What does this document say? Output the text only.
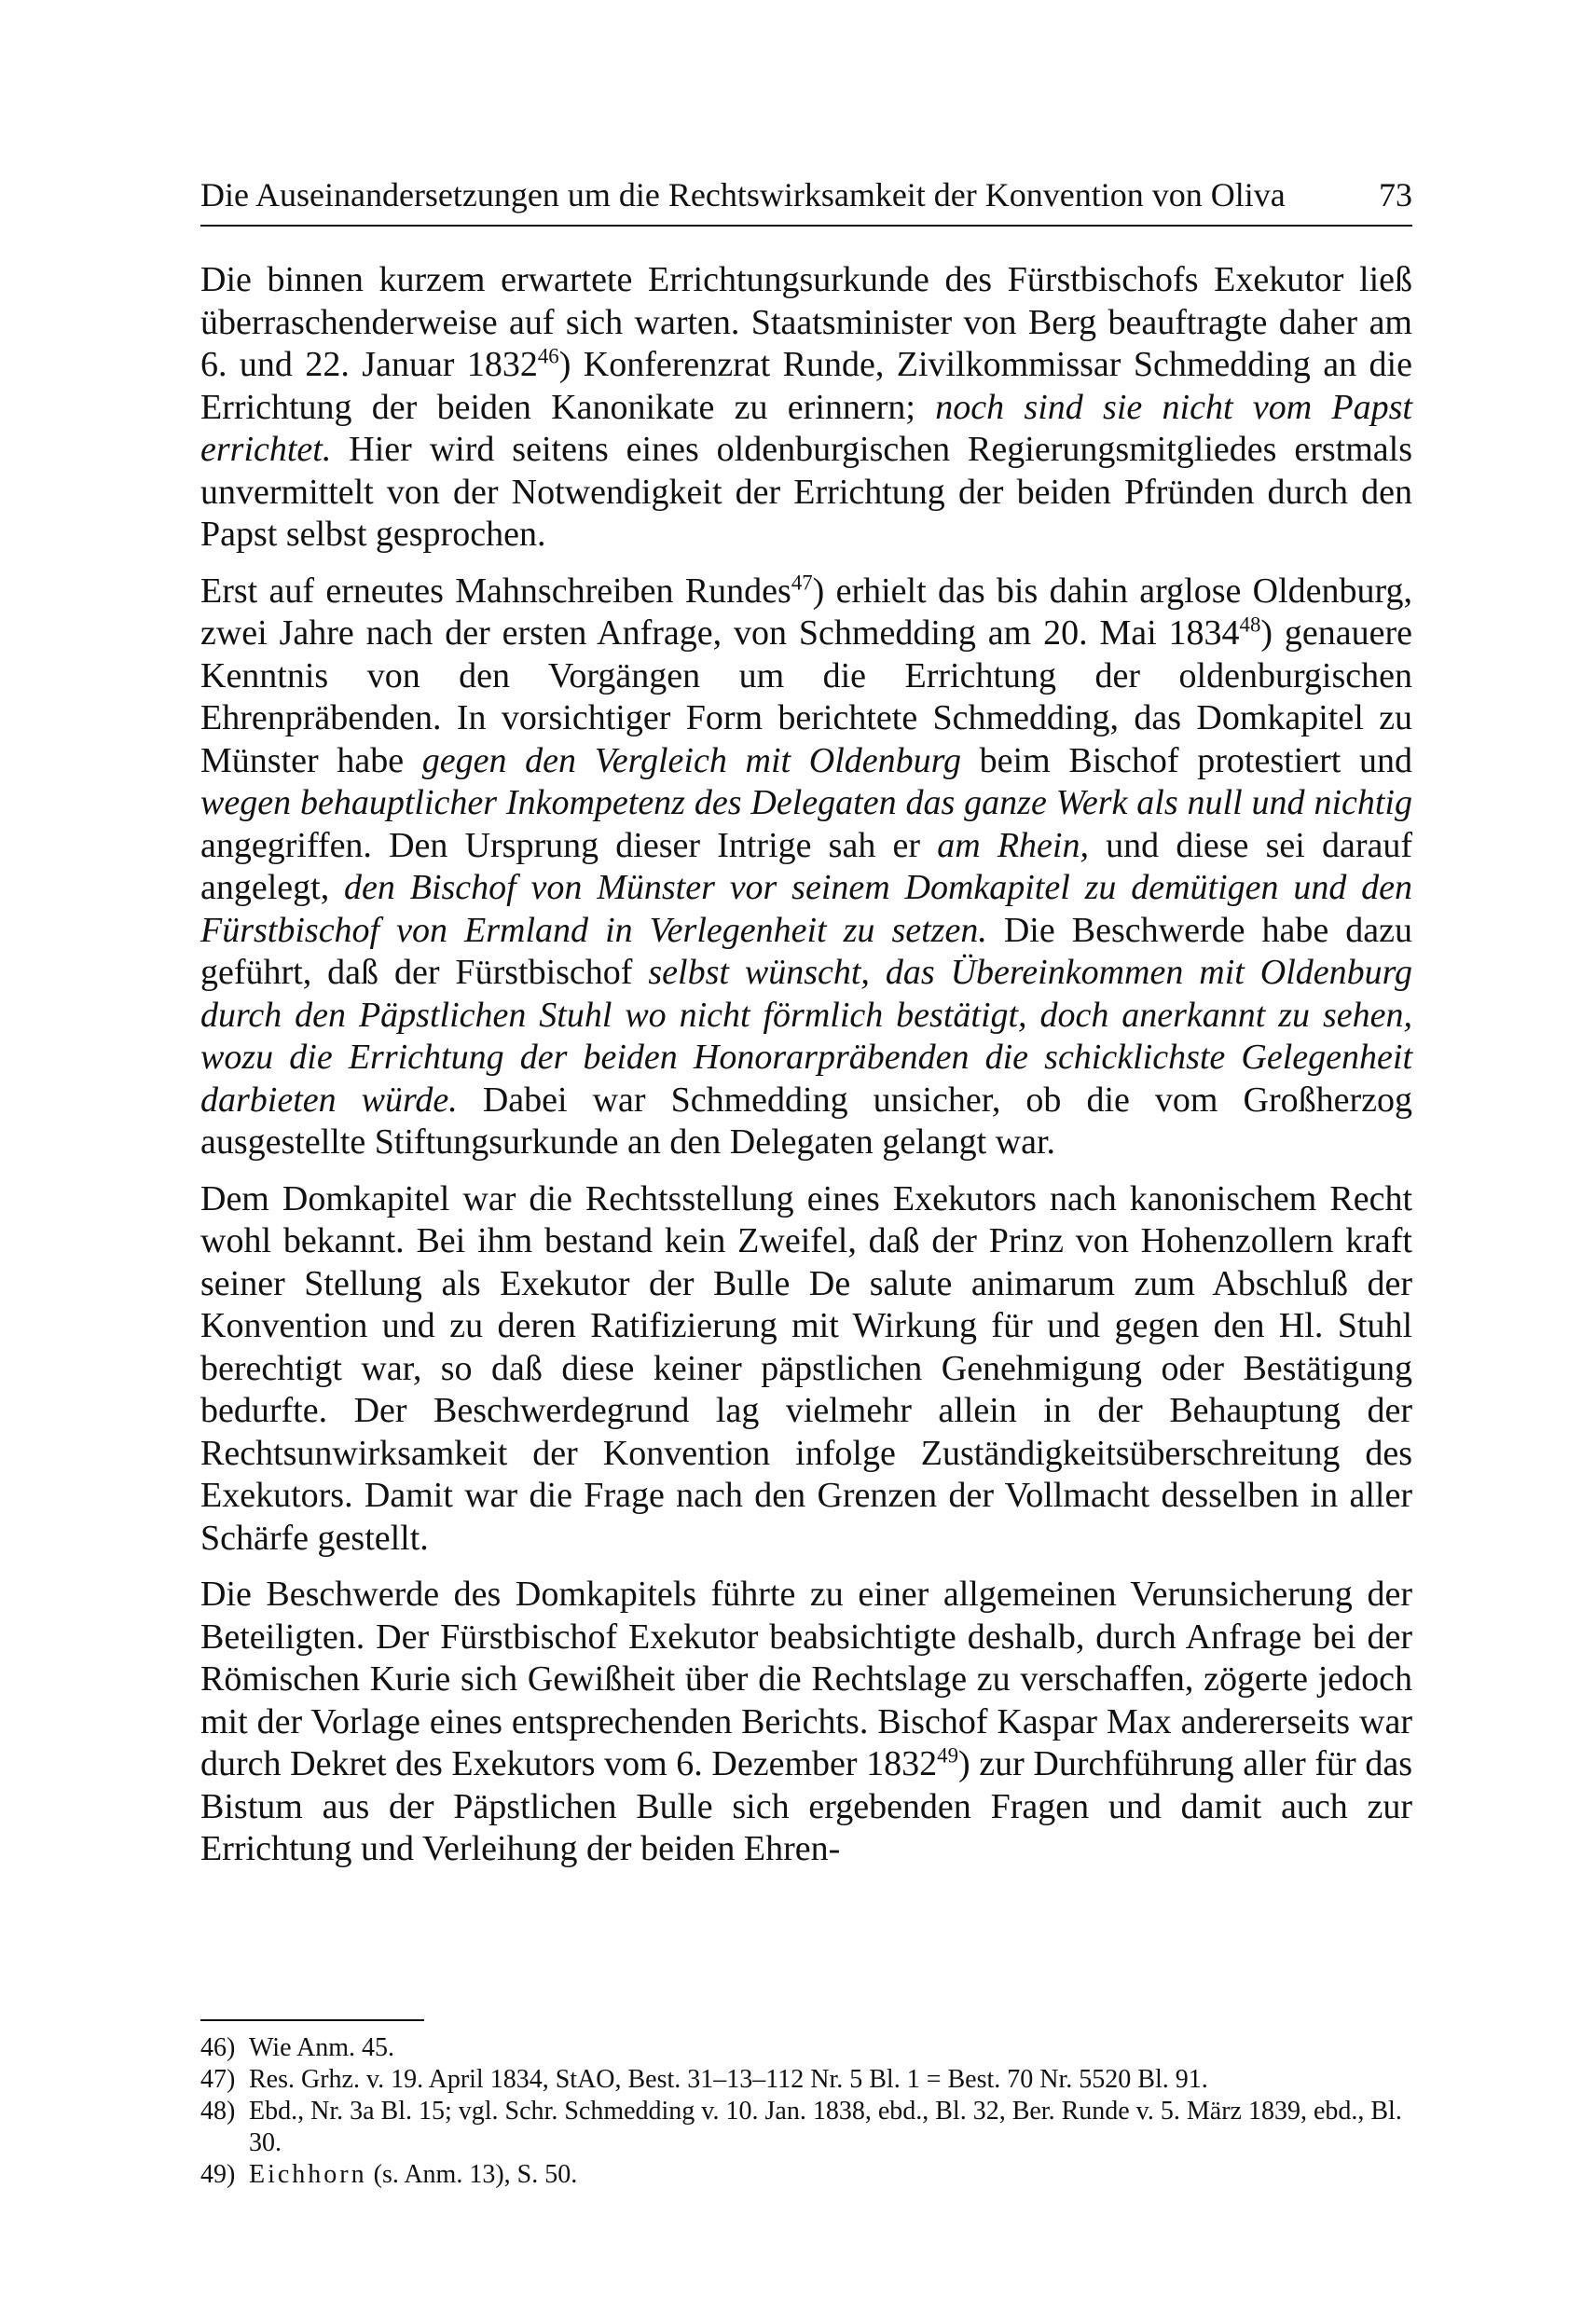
Die Auseinandersetzungen um die Rechtswirksamkeit der Konvention von Oliva	73

Die binnen kurzem erwartete Errichtungsurkunde des Fürstbischofs Exekutor ließ überraschenderweise auf sich warten. Staatsminister von Berg beauftragte daher am 6. und 22. Januar 1832$^{46}$) Konferenzrat Runde, Zivilkommissar Schmedding an die Errichtung der beiden Kanonikate zu erinnern; noch sind sie nicht vom Papst errichtet. Hier wird seitens eines oldenburgischen Regierungsmitgliedes erstmals unvermittelt von der Notwendigkeit der Errichtung der beiden Pfründen durch den Papst selbst gesprochen.

Erst auf erneutes Mahnschreiben Rundes$^{47}$) erhielt das bis dahin arglose Oldenburg, zwei Jahre nach der ersten Anfrage, von Schmedding am 20. Mai 1834$^{48}$) genauere Kenntnis von den Vorgängen um die Errichtung der oldenburgischen Ehrenpräbenden. In vorsichtiger Form berichtete Schmedding, das Domkapitel zu Münster habe gegen den Vergleich mit Oldenburg beim Bischof protestiert und wegen behauptlicher Inkompetenz des Delegaten das ganze Werk als null und nichtig angegriffen. Den Ursprung dieser Intrige sah er am Rhein, und diese sei darauf angelegt, den Bischof von Münster vor seinem Domkapitel zu demütigen und den Fürstbischof von Ermland in Verlegenheit zu setzen. Die Beschwerde habe dazu geführt, daß der Fürstbischof selbst wünscht, das Übereinkommen mit Oldenburg durch den Päpstlichen Stuhl wo nicht förmlich bestätigt, doch anerkannt zu sehen, wozu die Errichtung der beiden Honorarpräbenden die schicklichste Gelegenheit darbieten würde. Dabei war Schmedding unsicher, ob die vom Großherzog ausgestellte Stiftungsurkunde an den Delegaten gelangt war.

Dem Domkapitel war die Rechtsstellung eines Exekutors nach kanonischem Recht wohl bekannt. Bei ihm bestand kein Zweifel, daß der Prinz von Hohenzollern kraft seiner Stellung als Exekutor der Bulle De salute animarum zum Abschluß der Konvention und zu deren Ratifizierung mit Wirkung für und gegen den Hl. Stuhl berechtigt war, so daß diese keiner päpstlichen Genehmigung oder Bestätigung bedurfte. Der Beschwerdegrund lag vielmehr allein in der Behauptung der Rechtsunwirksamkeit der Konvention infolge Zuständigkeitsüberschreitung des Exekutors. Damit war die Frage nach den Grenzen der Vollmacht desselben in aller Schärfe gestellt.

Die Beschwerde des Domkapitels führte zu einer allgemeinen Verunsicherung der Beteiligten. Der Fürstbischof Exekutor beabsichtigte deshalb, durch Anfrage bei der Römischen Kurie sich Gewißheit über die Rechtslage zu verschaffen, zögerte jedoch mit der Vorlage eines entsprechenden Berichts. Bischof Kaspar Max andererseits war durch Dekret des Exekutors vom 6. Dezember 1832$^{49}$) zur Durchführung aller für das Bistum aus der Päpstlichen Bulle sich ergebenden Fragen und damit auch zur Errichtung und Verleihung der beiden Ehren-

46) Wie Anm. 45.
47) Res. Grhz. v. 19. April 1834, StAO, Best. 31–13–112 Nr. 5 Bl. 1 = Best. 70 Nr. 5520 Bl. 91.
48) Ebd., Nr. 3a Bl. 15; vgl. Schr. Schmedding v. 10. Jan. 1838, ebd., Bl. 32, Ber. Runde v. 5. März 1839, ebd., Bl. 30.
49) Eichhorn (s. Anm. 13), S. 50.
